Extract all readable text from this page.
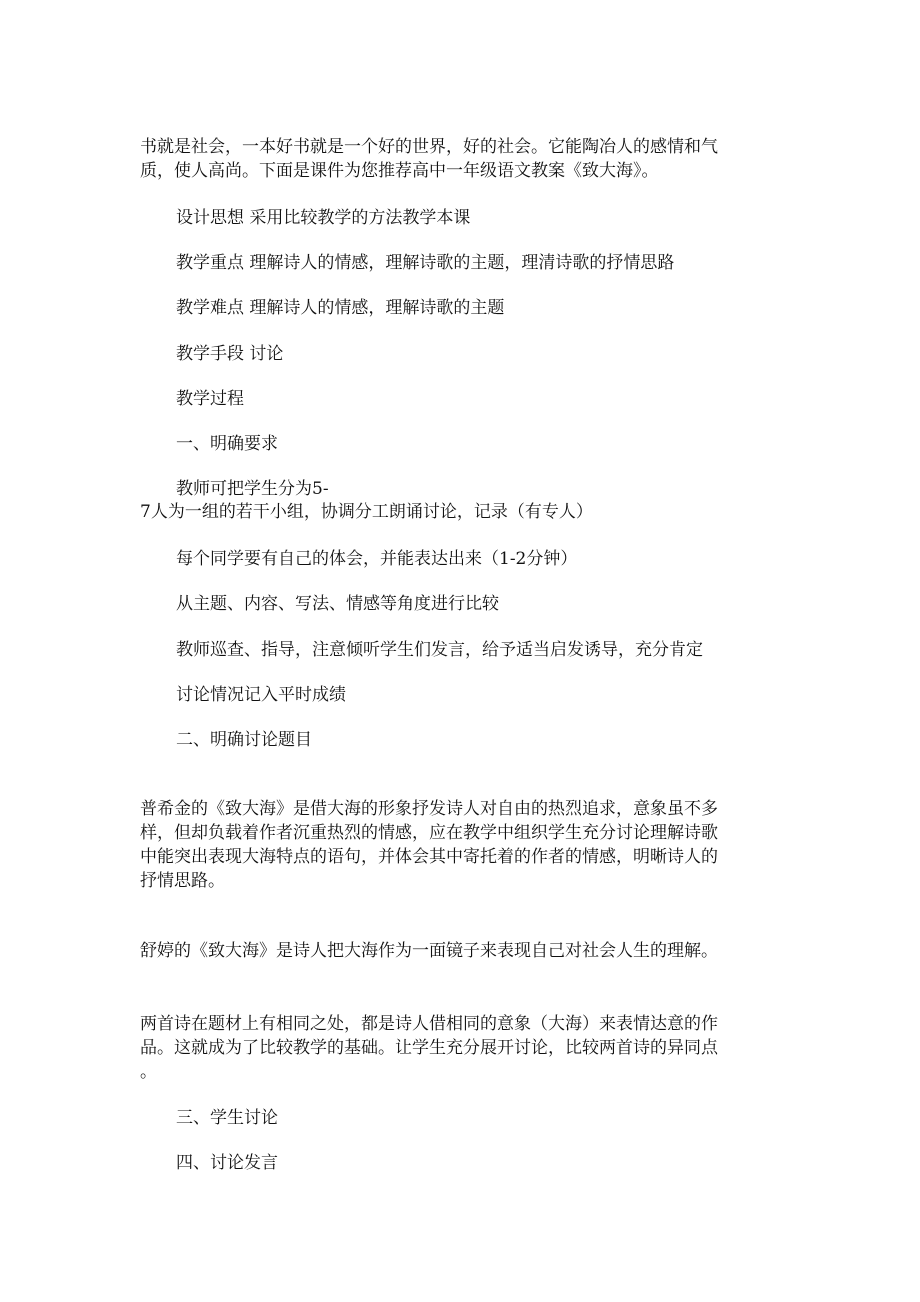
书就是社会，一本好书就是一个好的世界，好的社会。它能陶冶人的感情和气

质，使人高尚。下面是课件为您推荐高中一年级语文教案《致大海》。

设计思想 采用比较教学的方法教学本课

教学重点 理解诗人的情感，理解诗歌的主题，理清诗歌的抒情思路

教学难点 理解诗人的情感，理解诗歌的主题

教学手段 讨论

教学过程

一、明确要求

教师可把学生分为5-

7人为一组的若干小组，协调分工朗诵讨论，记录（有专人）

每个同学要有自己的体会，并能表达出来（1-2分钟）

从主题、内容、写法、情感等角度进行比较

教师巡查、指导，注意倾听学生们发言，给予适当启发诱导，充分肯定

讨论情况记入平时成绩

二、明确讨论题目

普希金的《致大海》是借大海的形象抒发诗人对自由的热烈追求，意象虽不多

样，但却负载着作者沉重热烈的情感，应在教学中组织学生充分讨论理解诗歌

中能突出表现大海特点的语句，并体会其中寄托着的作者的情感，明晰诗人的

抒情思路。

舒婷的《致大海》是诗人把大海作为一面镜子来表现自己对社会人生的理解。

两首诗在题材上有相同之处，都是诗人借相同的意象（大海）来表情达意的作

品。这就成为了比较教学的基础。让学生充分展开讨论，比较两首诗的异同点

。

三、学生讨论

四、讨论发言
